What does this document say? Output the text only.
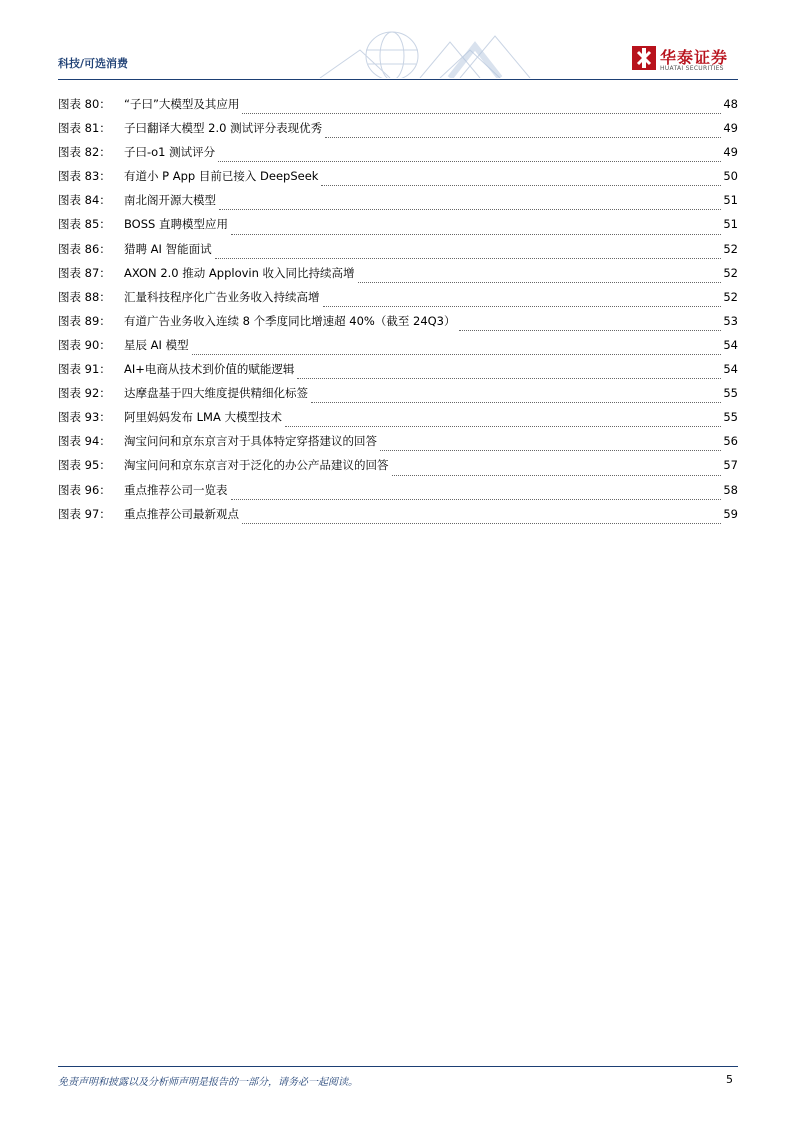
科技/可选消费	华泰证券
HUATAI SECURITIES
图表 80：	“子曰”大模型及其应用	48
图表 81：	子曰翻译大模型 2.0 测试评分表现优秀	49
图表 82：	子曰-o1 测试评分	49
图表 83：	有道小 P App 目前已接入 DeepSeek	50
图表 84：	南北阁开源大模型	51
图表 85：	BOSS 直聘模型应用	51
图表 86：	猎聘 AI 智能面试	52
图表 87：	AXON 2.0 推动 Applovin 收入同比持续高增	52
图表 88：	汇量科技程序化广告业务收入持续高增	52
图表 89：	有道广告业务收入连续 8 个季度同比增速超 40%（截至 24Q3）	53
图表 90：	星辰 AI 模型	54
图表 91：	AI+电商从技术到价值的赋能逻辑	54
图表 92：	达摩盘基于四大维度提供精细化标签	55
图表 93：	阿里妈妈发布 LMA 大模型技术	55
图表 94：	淘宝问问和京东京言对于具体特定穿搭建议的回答	56
图表 95：	淘宝问问和京东京言对于泛化的办公产品建议的回答	57
图表 96：	重点推荐公司一览表	58
图表 97：	重点推荐公司最新观点	59
免责声明和披露以及分析师声明是报告的一部分，请务必一起阅读。	5
